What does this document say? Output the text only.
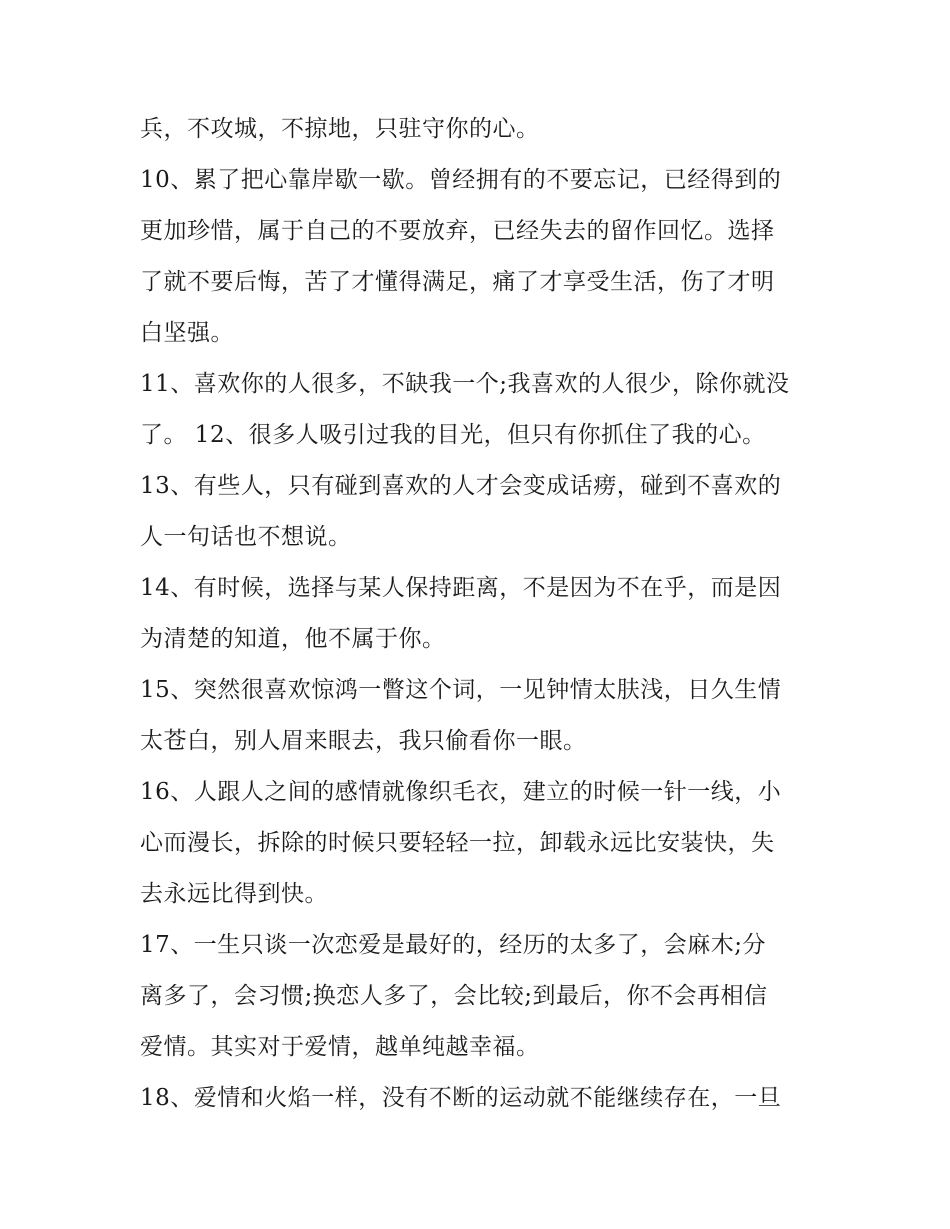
兵，不攻城，不掠地，只驻守你的心。
10、累了把心靠岸歇一歇。曾经拥有的不要忘记，已经得到的
更加珍惜，属于自己的不要放弃，已经失去的留作回忆。选择
了就不要后悔，苦了才懂得满足，痛了才享受生活，伤了才明
白坚强。
11、喜欢你的人很多，不缺我一个;我喜欢的人很少，除你就没
了。 12、很多人吸引过我的目光，但只有你抓住了我的心。
13、有些人，只有碰到喜欢的人才会变成话痨，碰到不喜欢的
人一句话也不想说。
14、有时候，选择与某人保持距离，不是因为不在乎，而是因
为清楚的知道，他不属于你。
15、突然很喜欢惊鸿一瞥这个词，一见钟情太肤浅，日久生情
太苍白，别人眉来眼去，我只偷看你一眼。
16、人跟人之间的感情就像织毛衣，建立的时候一针一线，小
心而漫长，拆除的时候只要轻轻一拉，卸载永远比安装快，失
去永远比得到快。
17、一生只谈一次恋爱是最好的，经历的太多了，会麻木;分
离多了，会习惯;换恋人多了，会比较;到最后，你不会再相信
爱情。其实对于爱情，越单纯越幸福。
18、爱情和火焰一样，没有不断的运动就不能继续存在，一旦
